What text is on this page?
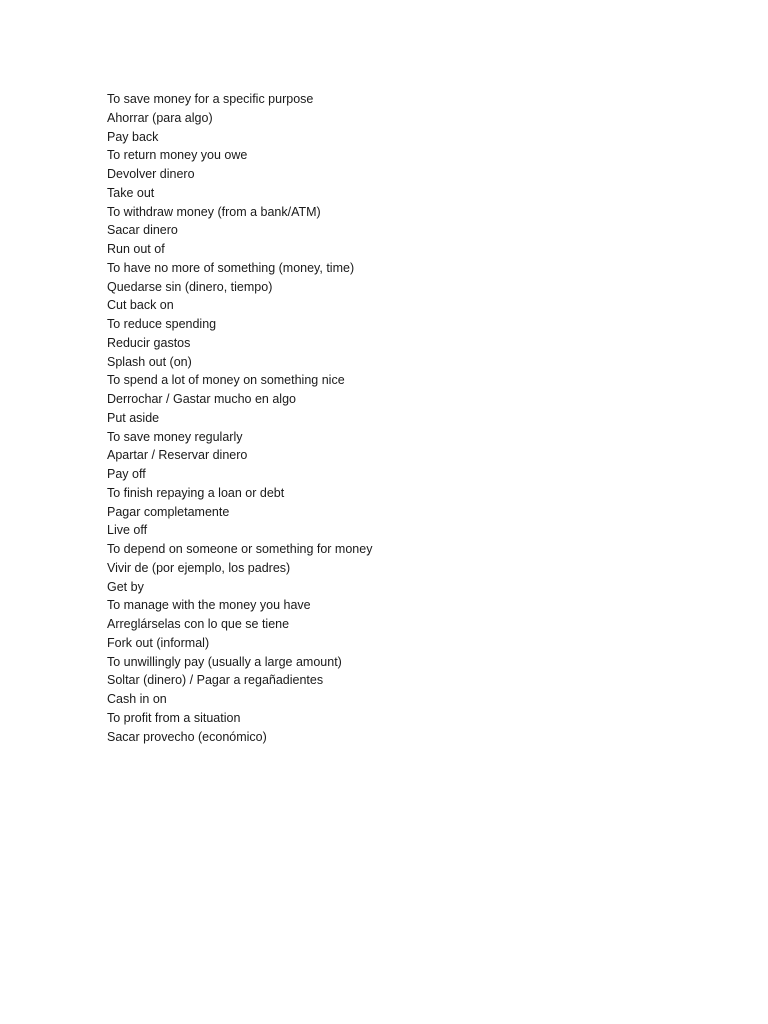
To save money for a specific purpose
Ahorrar (para algo)
Pay back
To return money you owe
Devolver dinero
Take out
To withdraw money (from a bank/ATM)
Sacar dinero
Run out of
To have no more of something (money, time)
Quedarse sin (dinero, tiempo)
Cut back on
To reduce spending
Reducir gastos
Splash out (on)
To spend a lot of money on something nice
Derrochar / Gastar mucho en algo
Put aside
To save money regularly
Apartar / Reservar dinero
Pay off
To finish repaying a loan or debt
Pagar completamente
Live off
To depend on someone or something for money
Vivir de (por ejemplo, los padres)
Get by
To manage with the money you have
Arreglárselas con lo que se tiene
Fork out (informal)
To unwillingly pay (usually a large amount)
Soltar (dinero) / Pagar a regañadientes
Cash in on
To profit from a situation
Sacar provecho (económico)
